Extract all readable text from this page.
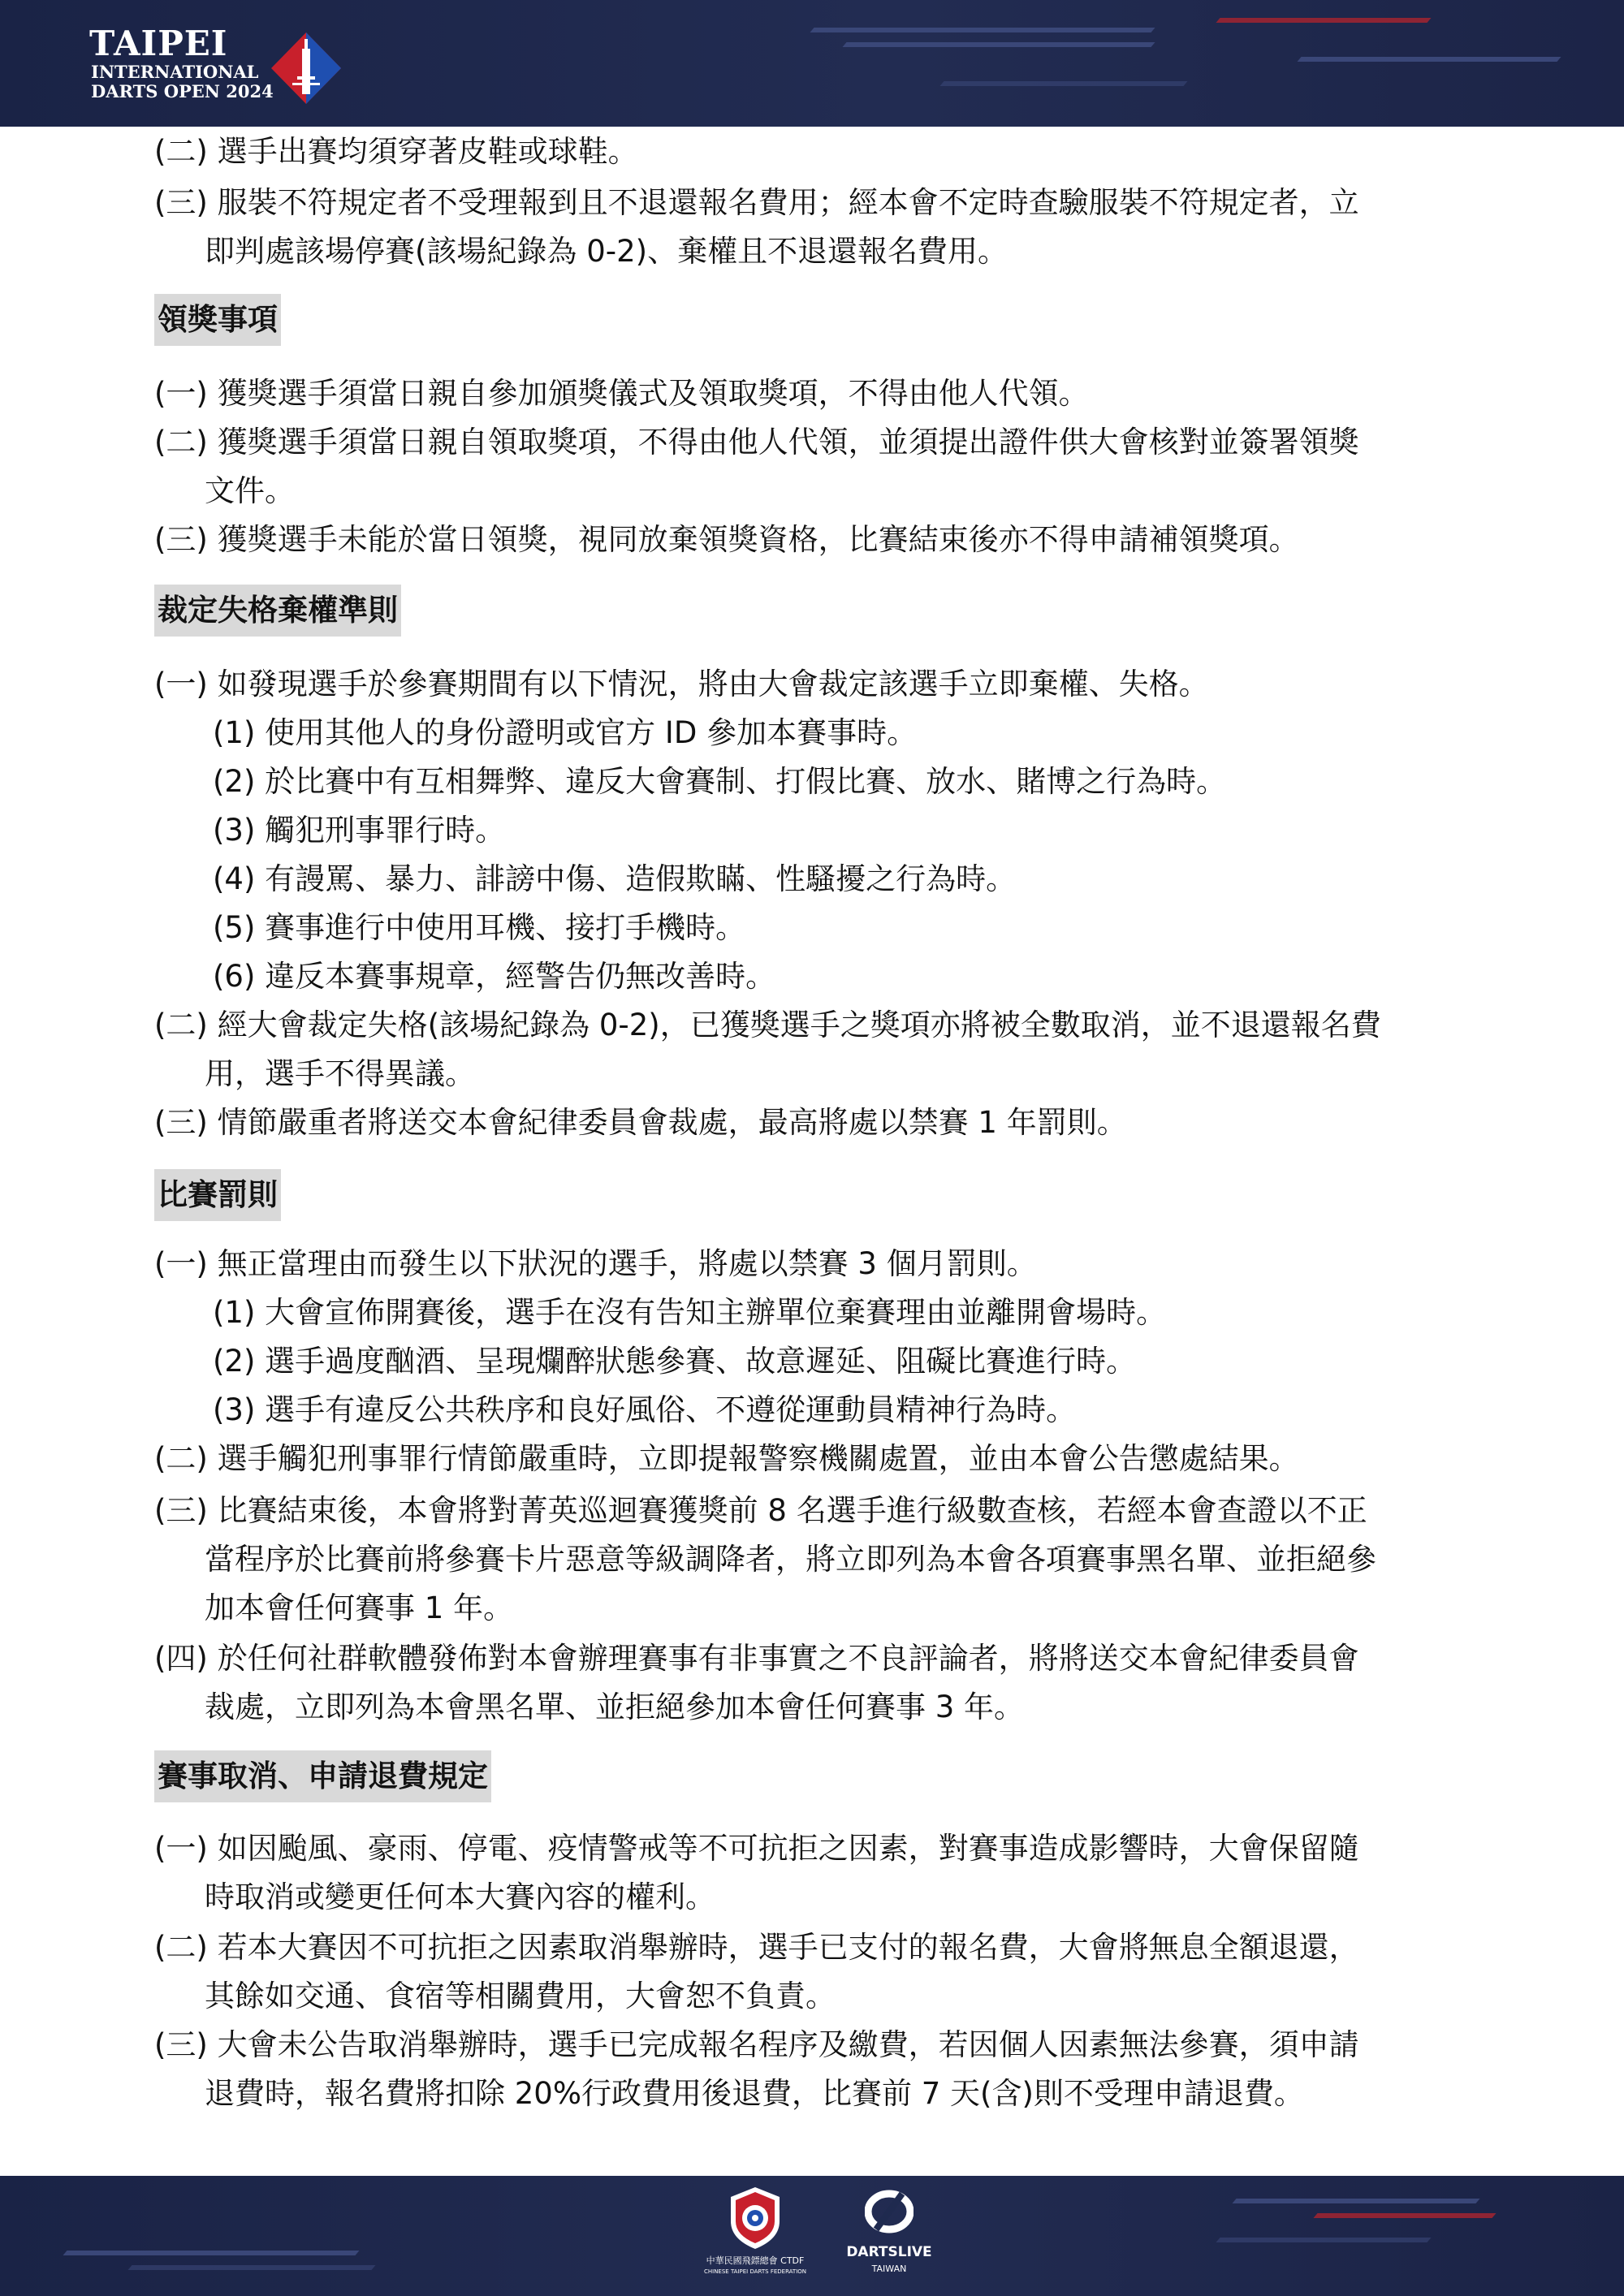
TAIPEI
INTERNATIONAL
DARTS OPEN 2024
(二) 選手出賽均須穿著皮鞋或球鞋。
(三) 服裝不符規定者不受理報到且不退還報名費用；經本會不定時查驗服裝不符規定者，立
即判處該場停賽(該場紀錄為 0-2)、棄權且不退還報名費用。
領獎事項
(一) 獲獎選手須當日親自參加頒獎儀式及領取獎項，不得由他人代領。
(二) 獲獎選手須當日親自領取獎項，不得由他人代領，並須提出證件供大會核對並簽署領獎
文件。
(三) 獲獎選手未能於當日領獎，視同放棄領獎資格，比賽結束後亦不得申請補領獎項。
裁定失格棄權準則
(一) 如發現選手於參賽期間有以下情況，將由大會裁定該選手立即棄權、失格。
(1) 使用其他人的身份證明或官方 ID 參加本賽事時。
(2) 於比賽中有互相舞弊、違反大會賽制、打假比賽、放水、賭博之行為時。
(3) 觸犯刑事罪行時。
(4) 有謾罵、暴力、誹謗中傷、造假欺瞞、性騷擾之行為時。
(5) 賽事進行中使用耳機、接打手機時。
(6) 違反本賽事規章，經警告仍無改善時。
(二) 經大會裁定失格(該場紀錄為 0-2)，已獲獎選手之獎項亦將被全數取消，並不退還報名費
用，選手不得異議。
(三) 情節嚴重者將送交本會紀律委員會裁處，最高將處以禁賽 1 年罰則。
比賽罰則
(一) 無正當理由而發生以下狀況的選手，將處以禁賽 3 個月罰則。
(1) 大會宣佈開賽後，選手在沒有告知主辦單位棄賽理由並離開會場時。
(2) 選手過度酗酒、呈現爛醉狀態參賽、故意遲延、阻礙比賽進行時。
(3) 選手有違反公共秩序和良好風俗、不遵從運動員精神行為時。
(二) 選手觸犯刑事罪行情節嚴重時，立即提報警察機關處置，並由本會公告懲處結果。
(三) 比賽結束後，本會將對菁英巡迴賽獲獎前 8 名選手進行級數查核，若經本會查證以不正
當程序於比賽前將參賽卡片惡意等級調降者，將立即列為本會各項賽事黑名單、並拒絕參
加本會任何賽事 1 年。
(四) 於任何社群軟體發佈對本會辦理賽事有非事實之不良評論者，將將送交本會紀律委員會
裁處，立即列為本會黑名單、並拒絕參加本會任何賽事 3 年。
賽事取消、申請退費規定
(一) 如因颱風、豪雨、停電、疫情警戒等不可抗拒之因素，對賽事造成影響時，大會保留隨
時取消或變更任何本大賽內容的權利。
(二) 若本大賽因不可抗拒之因素取消舉辦時，選手已支付的報名費，大會將無息全額退還，
其餘如交通、食宿等相關費用，大會恕不負責。
(三) 大會未公告取消舉辦時，選手已完成報名程序及繳費，若因個人因素無法參賽，須申請
退費時，報名費將扣除 20%行政費用後退費，比賽前 7 天(含)則不受理申請退費。
中華民國飛鏢總會 CTDF
CHINESE TAIPEI DARTS FEDERATION
DARTSLIVE
TAIWAN
